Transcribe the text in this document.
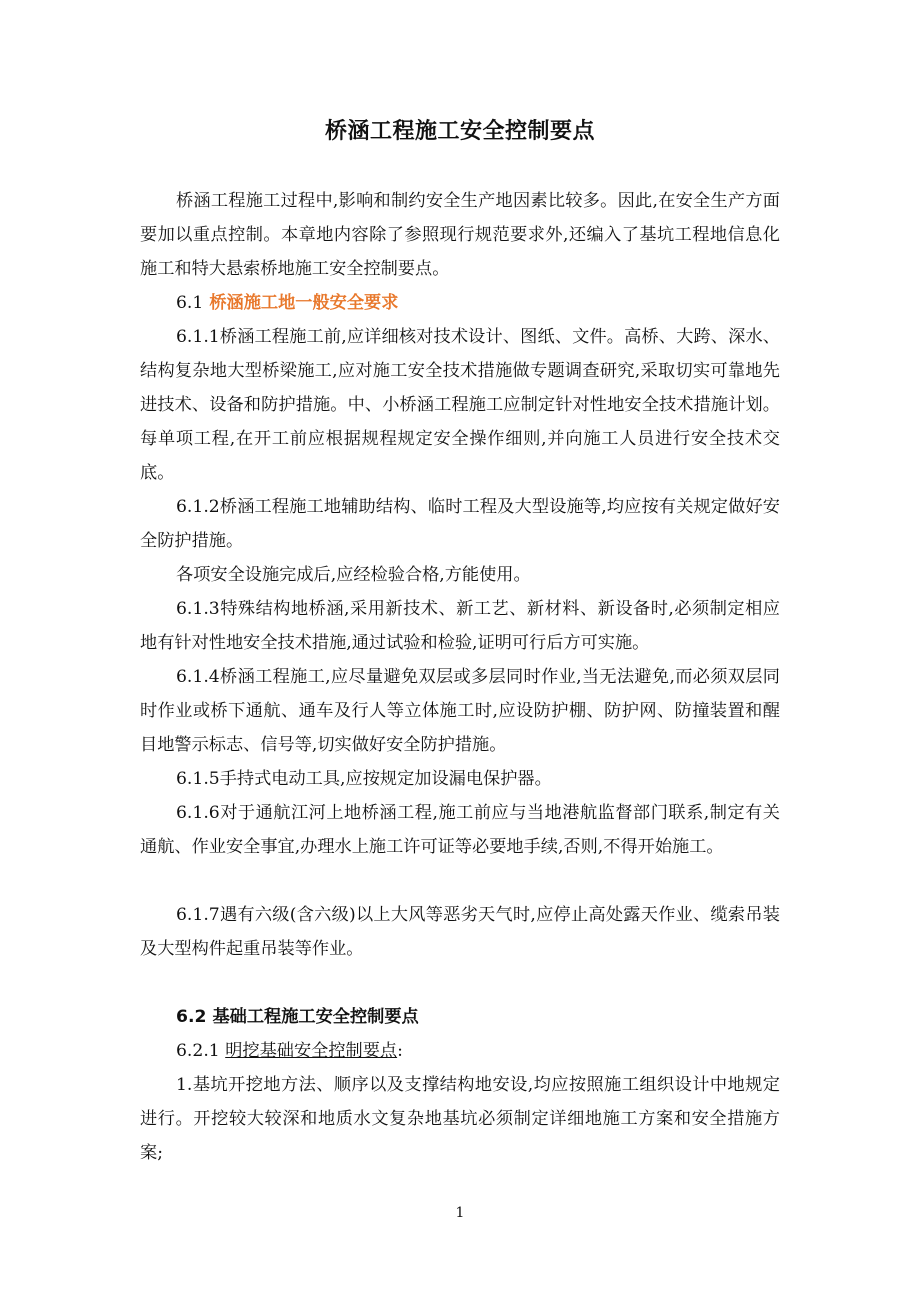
桥涵工程施工安全控制要点
桥涵工程施工过程中,影响和制约安全生产地因素比较多。因此,在安全生产方面要加以重点控制。本章地内容除了参照现行规范要求外,还编入了基坑工程地信息化施工和特大悬索桥地施工安全控制要点。
6.1 桥涵施工地一般安全要求
6.1.1桥涵工程施工前,应详细核对技术设计、图纸、文件。高桥、大跨、深水、结构复杂地大型桥梁施工,应对施工安全技术措施做专题调查研究,采取切实可靠地先进技术、设备和防护措施。中、小桥涵工程施工应制定针对性地安全技术措施计划。每单项工程,在开工前应根据规程规定安全操作细则,并向施工人员进行安全技术交底。
6.1.2桥涵工程施工地辅助结构、临时工程及大型设施等,均应按有关规定做好安全防护措施。
各项安全设施完成后,应经检验合格,方能使用。
6.1.3特殊结构地桥涵,采用新技术、新工艺、新材料、新设备时,必须制定相应地有针对性地安全技术措施,通过试验和检验,证明可行后方可实施。
6.1.4桥涵工程施工,应尽量避免双层或多层同时作业,当无法避免,而必须双层同时作业或桥下通航、通车及行人等立体施工时,应设防护棚、防护网、防撞装置和醒目地警示标志、信号等,切实做好安全防护措施。
6.1.5手持式电动工具,应按规定加设漏电保护器。
6.1.6对于通航江河上地桥涵工程,施工前应与当地港航监督部门联系,制定有关通航、作业安全事宜,办理水上施工许可证等必要地手续,否则,不得开始施工。
6.1.7遇有六级(含六级)以上大风等恶劣天气时,应停止高处露天作业、缆索吊装及大型构件起重吊装等作业。
6.2 基础工程施工安全控制要点
6.2.1 明挖基础安全控制要点:
1.基坑开挖地方法、顺序以及支撑结构地安设,均应按照施工组织设计中地规定进行。开挖较大较深和地质水文复杂地基坑必须制定详细地施工方案和安全措施方案;
1
